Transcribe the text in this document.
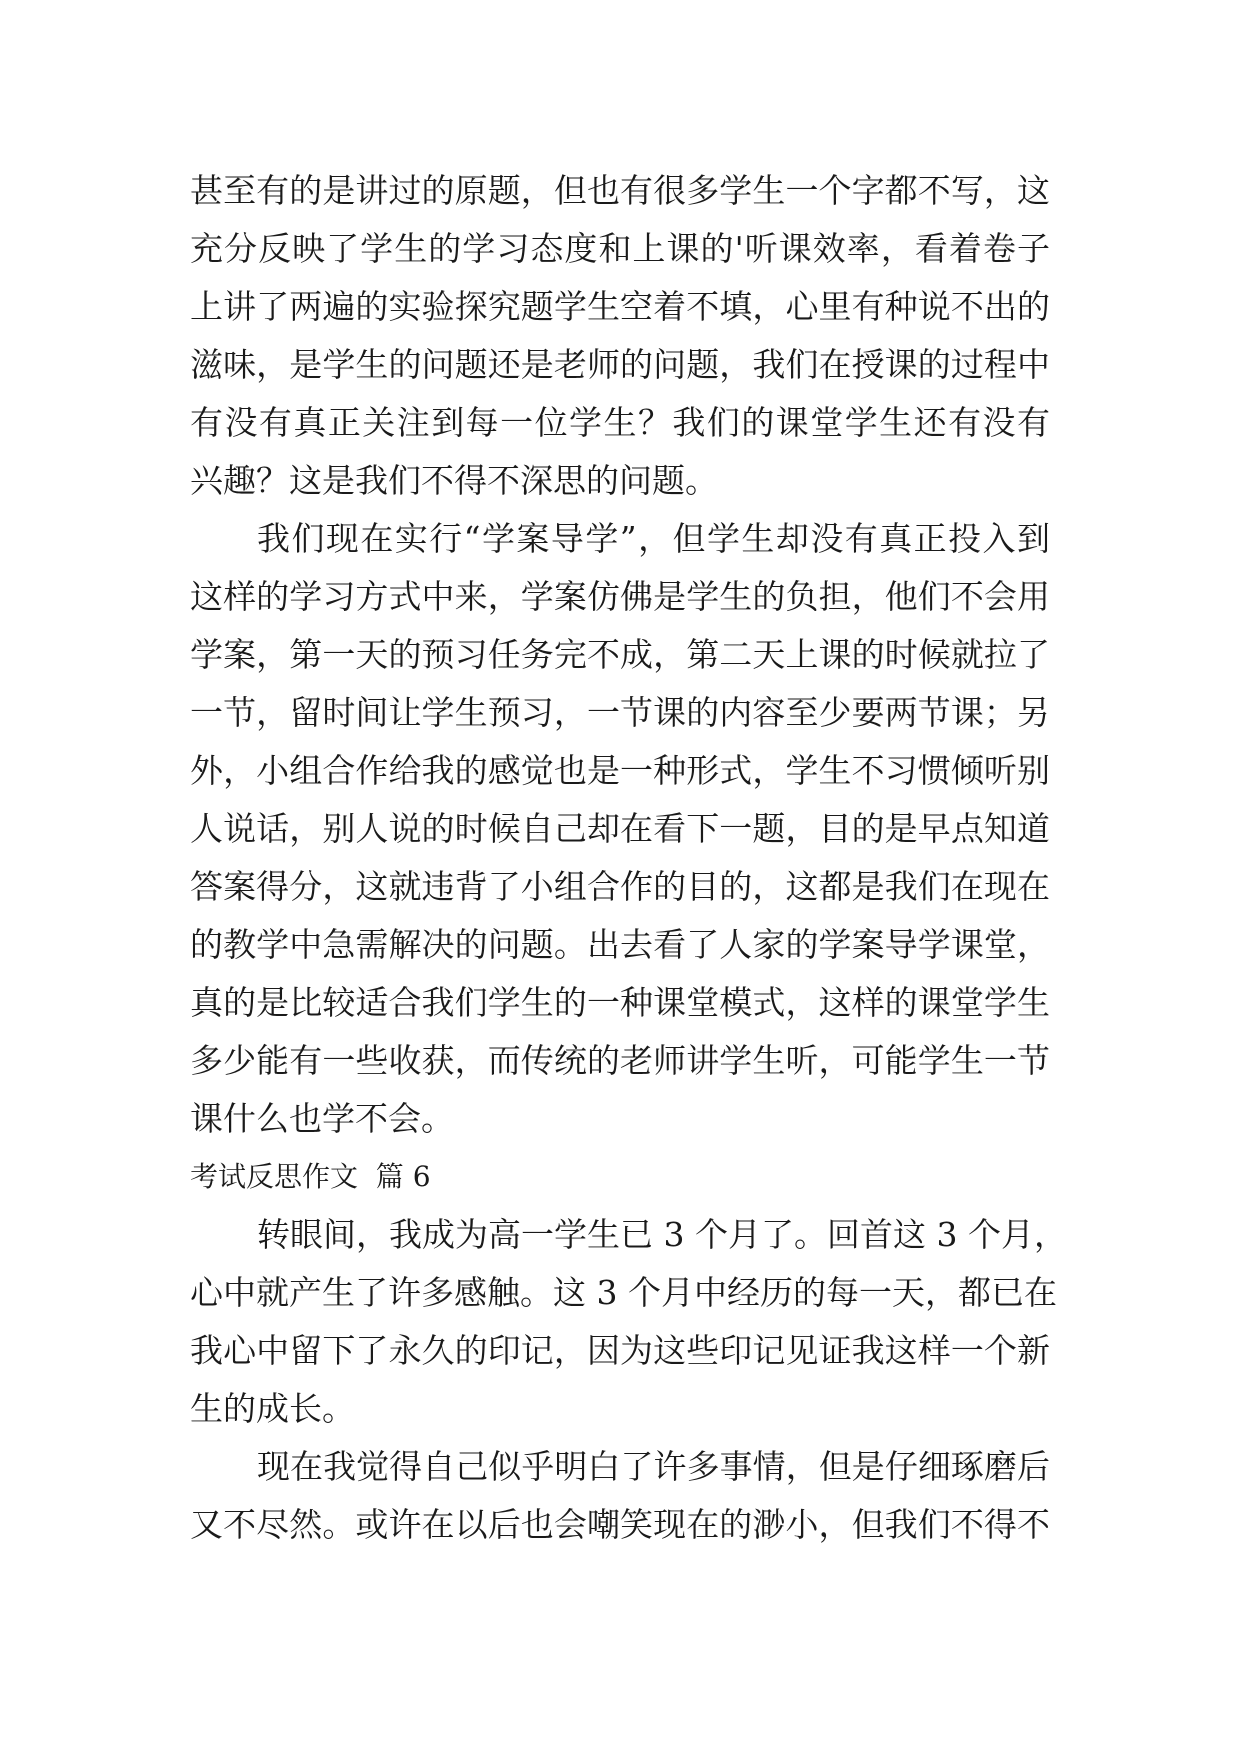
甚至有的是讲过的原题，但也有很多学生一个字都不写，这
充分反映了学生的学习态度和上课的'听课效率，看着卷子
上讲了两遍的实验探究题学生空着不填，心里有种说不出的
滋味，是学生的问题还是老师的问题，我们在授课的过程中
有没有真正关注到每一位学生？我们的课堂学生还有没有
兴趣？这是我们不得不深思的问题。
我们现在实行“学案导学”，但学生却没有真正投入到
这样的学习方式中来，学案仿佛是学生的负担，他们不会用
学案，第一天的预习任务完不成，第二天上课的时候就拉了
一节，留时间让学生预习，一节课的内容至少要两节课；另
外，小组合作给我的感觉也是一种形式，学生不习惯倾听别
人说话，别人说的时候自己却在看下一题，目的是早点知道
答案得分，这就违背了小组合作的目的，这都是我们在现在
的教学中急需解决的问题。出去看了人家的学案导学课堂，
真的是比较适合我们学生的一种课堂模式，这样的课堂学生
多少能有一些收获，而传统的老师讲学生听，可能学生一节
课什么也学不会。
考试反思作文  篇 6
转眼间，我成为高一学生已 3 个月了。回首这 3 个月，
心中就产生了许多感触。这 3 个月中经历的每一天，都已在
我心中留下了永久的印记，因为这些印记见证我这样一个新
生的成长。
现在我觉得自己似乎明白了许多事情，但是仔细琢磨后
又不尽然。或许在以后也会嘲笑现在的渺小，但我们不得不
